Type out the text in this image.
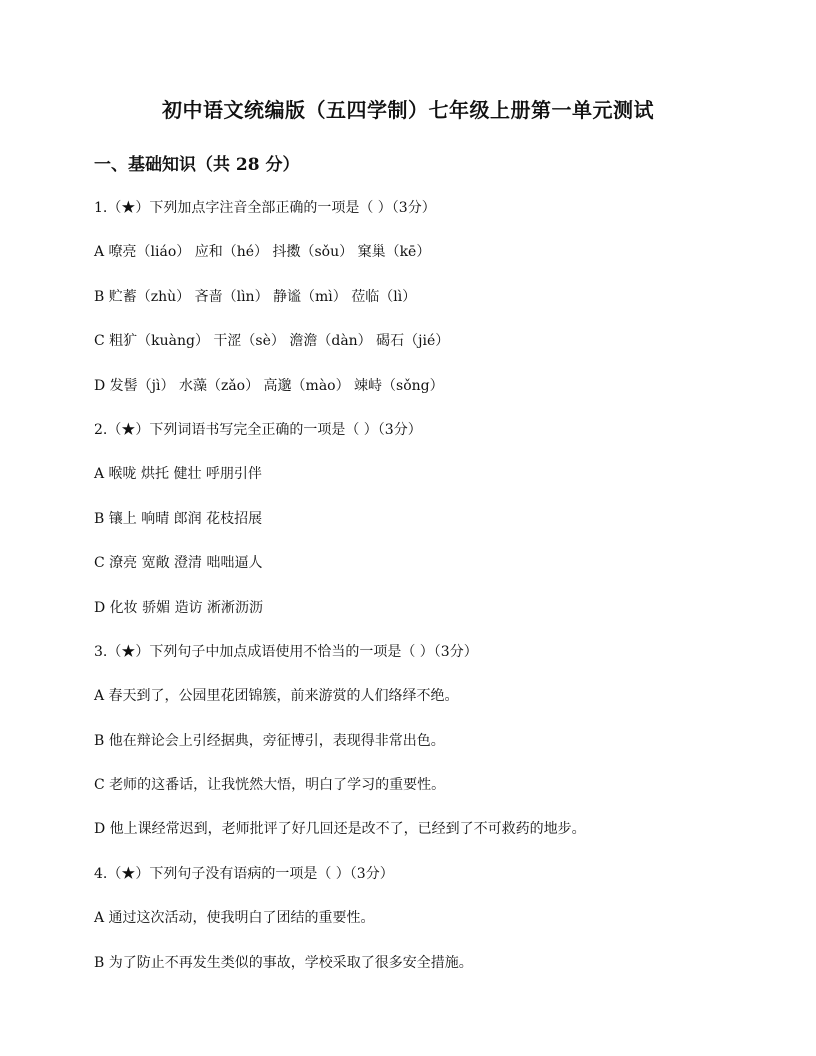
初中语文统编版（五四学制）七年级上册第一单元测试
一、基础知识（共 28 分）
1.（★）下列加点字注音全部正确的一项是（ ）（3分）
A 嘹亮（liáo） 应和（hé） 抖擞（sǒu） 窠巢（kē）
B 贮蓄（zhù） 吝啬（lìn） 静谧（mì） 莅临（lì）
C 粗犷（kuàng） 干涩（sè） 澹澹（dàn） 碣石（jié）
D 发髻（jì） 水藻（zǎo） 高邈（mào） 竦峙（sǒng）
2.（★）下列词语书写完全正确的一项是（ ）（3分）
A 喉咙 烘托 健壮 呼朋引伴
B 镶上 响晴 郎润 花枝招展
C 潦亮 宽敞 澄清 咄咄逼人
D 化妆 骄媚 造访 淅淅沥沥
3.（★）下列句子中加点成语使用不恰当的一项是（ ）（3分）
A 春天到了，公园里花团锦簇，前来游赏的人们络绎不绝。
B 他在辩论会上引经据典，旁征博引，表现得非常出色。
C 老师的这番话，让我恍然大悟，明白了学习的重要性。
D 他上课经常迟到，老师批评了好几回还是改不了，已经到了不可救药的地步。
4.（★）下列句子没有语病的一项是（ ）（3分）
A 通过这次活动，使我明白了团结的重要性。
B 为了防止不再发生类似的事故，学校采取了很多安全措施。
